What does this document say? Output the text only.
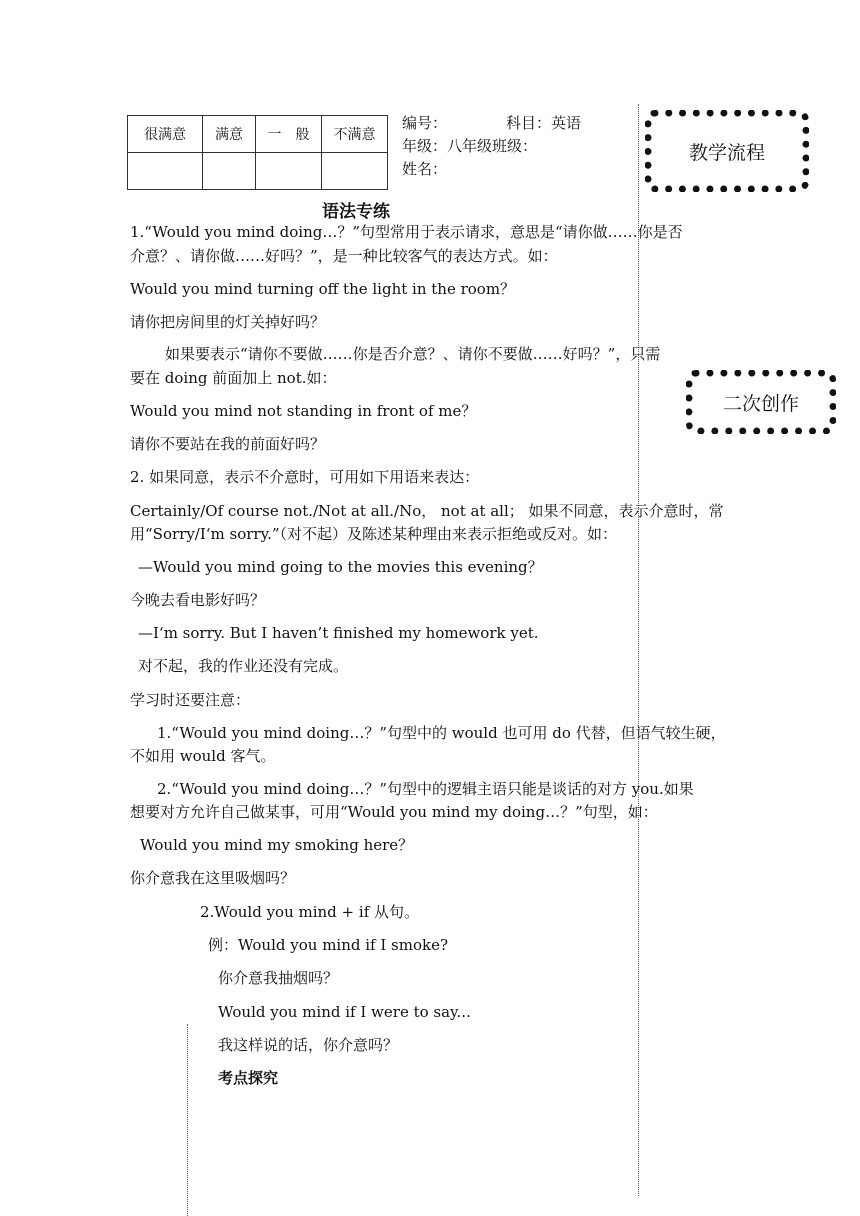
很满意	满意	一　般	不满意

编号：	科目：英语
年级：八年级班级：
姓名：
教学流程
二次创作
语法专练
1.“Would you mind doing…？”句型常用于表示请求，意思是“请你做……你是否
介意？、请你做……好吗？”，是一种比较客气的表达方式。如：
Would you mind turning off the light in the room？
请你把房间里的灯关掉好吗？
如果要表示“请你不要做……你是否介意？、请你不要做……好吗？”，只需
要在 doing 前面加上 not.如：
Would you mind not standing in front of me？
请你不要站在我的前面好吗？
2. 如果同意，表示不介意时，可用如下用语来表达：
Certainly/Of course not./Not at all./No， not at all； 如果不同意，表示介意时，常
用“Sorry/I‘m sorry.”（对不起）及陈述某种理由来表示拒绝或反对。如：
—Would you mind going to the movies this evening？
今晚去看电影好吗？
—I‘m sorry. But I haven’t finished my homework yet.
对不起，我的作业还没有完成。
学习时还要注意：
1.“Would you mind doing…？”句型中的 would 也可用 do 代替，但语气较生硬，
不如用 would 客气。
2.“Would you mind doing…？”句型中的逻辑主语只能是谈话的对方 you.如果
想要对方允许自己做某事，可用“Would you mind my doing…？”句型，如：
Would you mind my smoking here？
你介意我在这里吸烟吗？
2.Would you mind + if 从句。
例：Would you mind if I smoke?
你介意我抽烟吗？
Would you mind if I were to say...
我这样说的话，你介意吗？
考点探究
